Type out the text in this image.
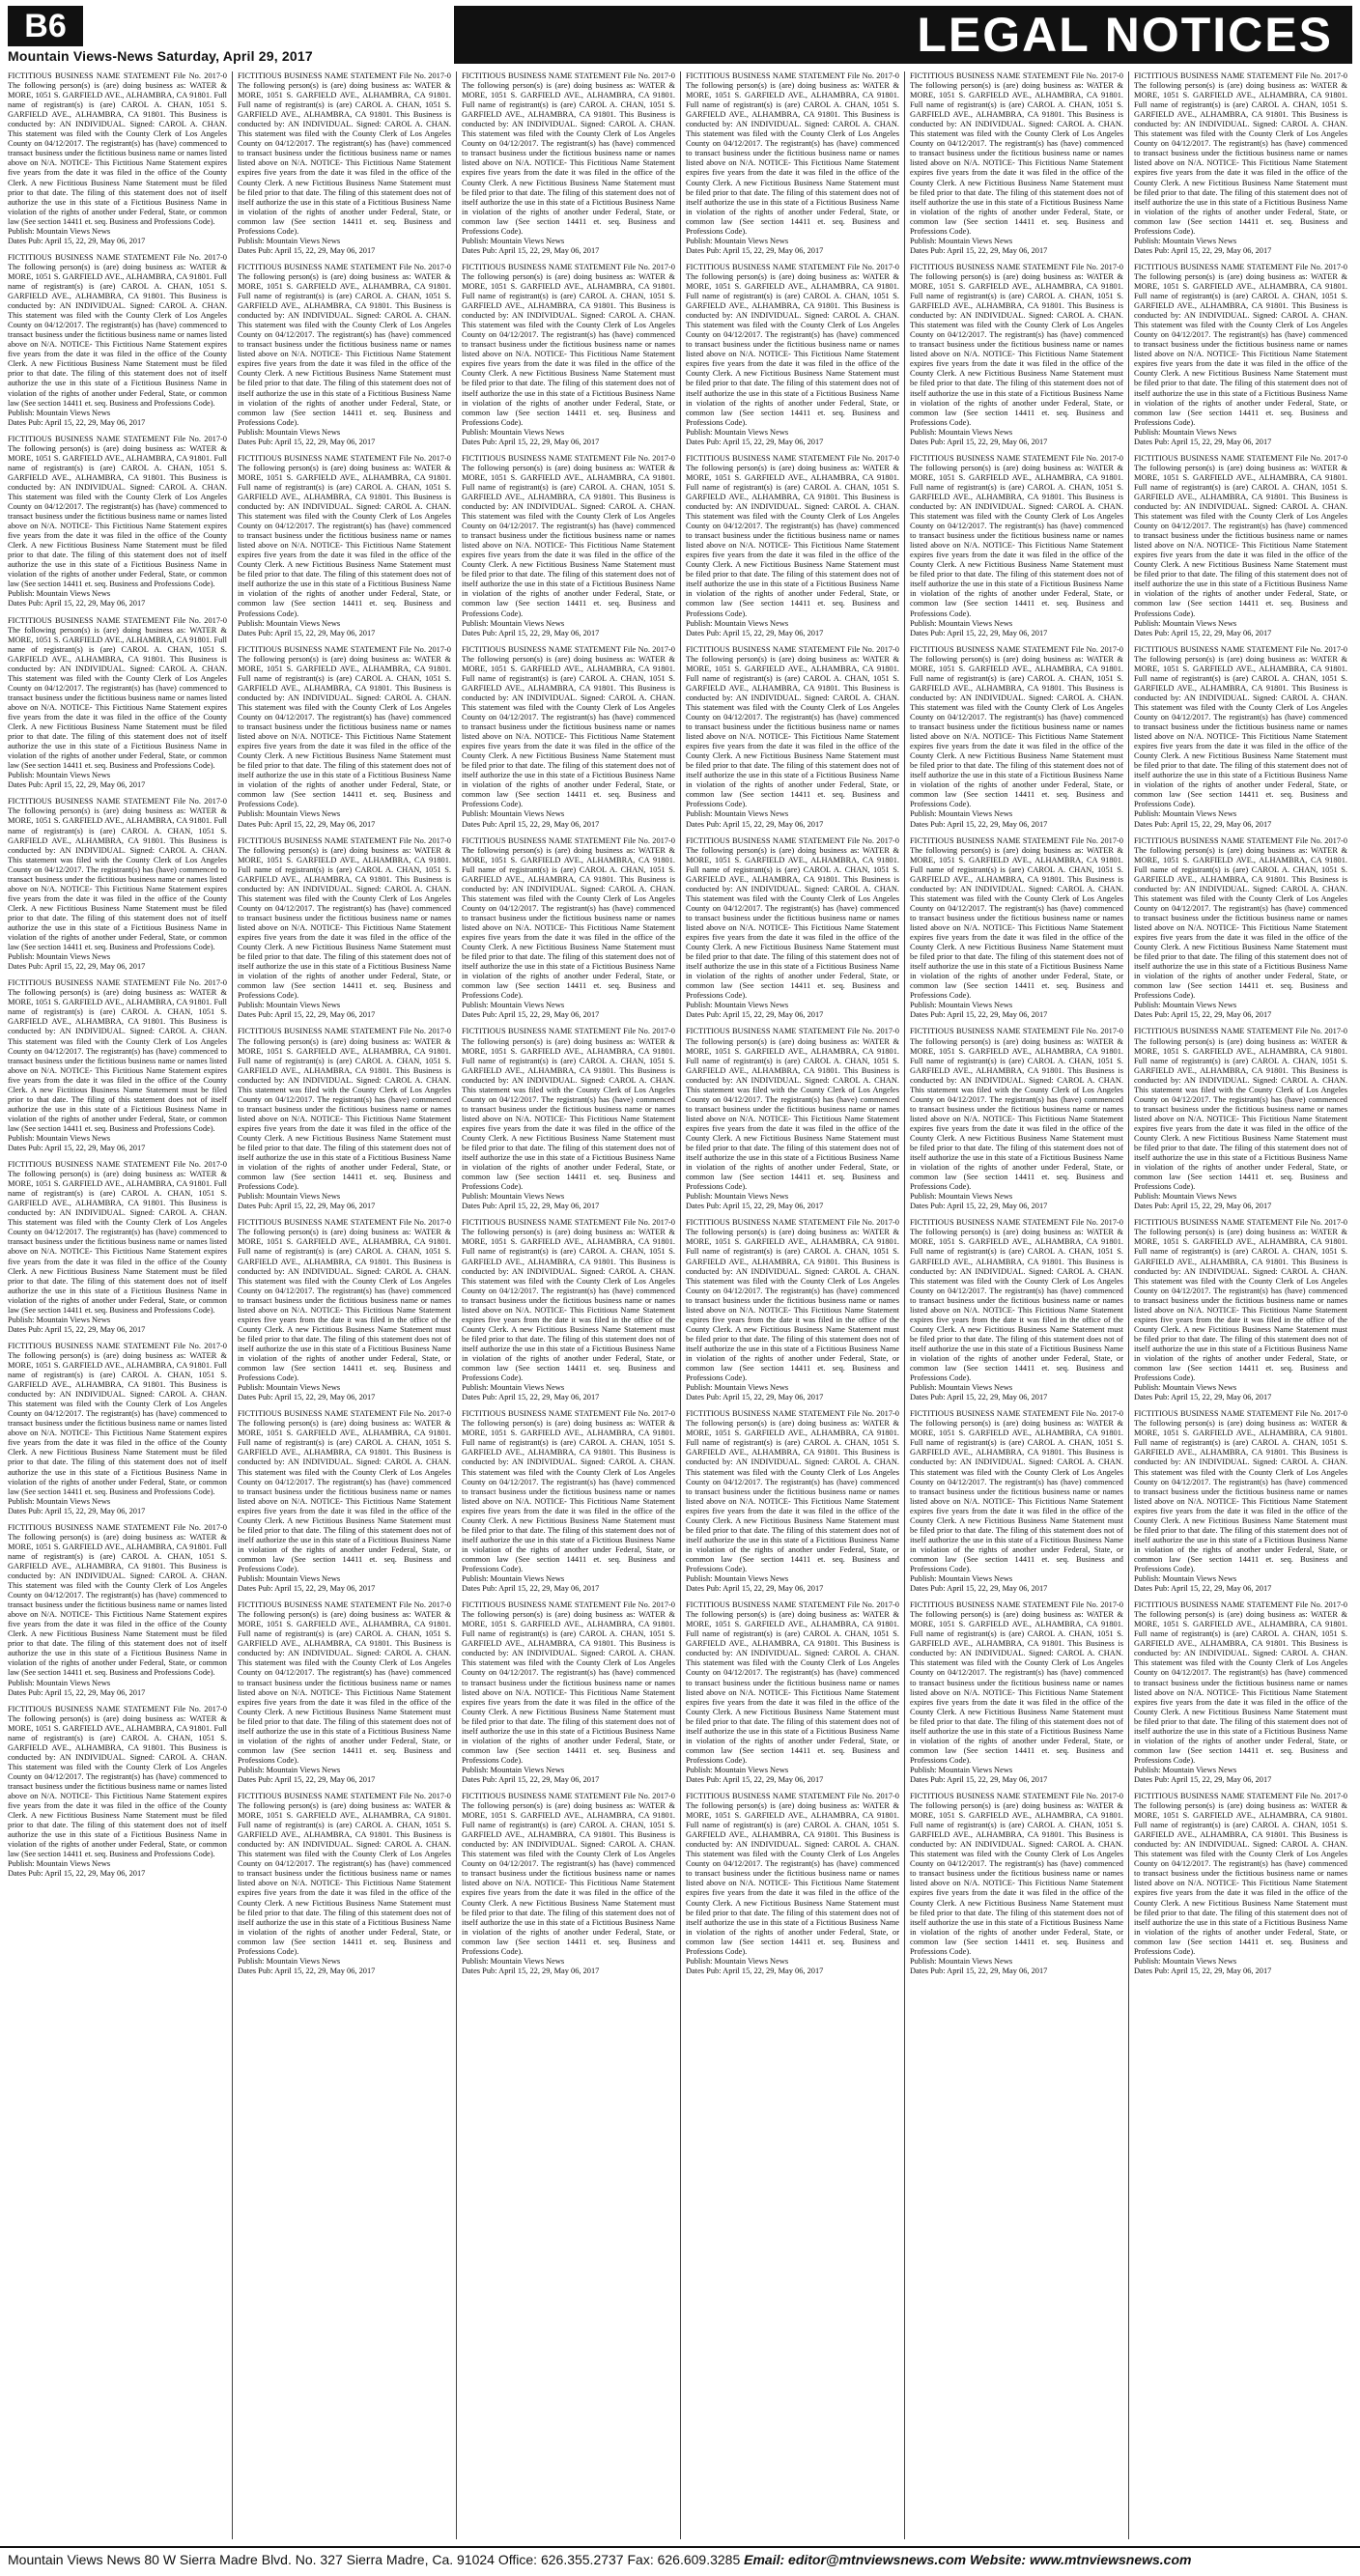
B6
Mountain Views-News Saturday, April 29, 2017	LEGAL NOTICES
FICTITIOUS BUSINESS NAME STATEMENT File No. 2017-0 The following person(s) is (are) doing business as: WATER & MORE, 1051 S. GARFIELD AVE., ALHAMBRA, CA 91801. Full name of registrant(s) is (are) CAROL A. CHAN, 1051 S. GARFIELD AVE., ALHAMBRA, CA 91801. This Business is conducted by: AN INDIVIDUAL. Signed: CAROL A. CHAN. This statement was filed with the County Clerk of Los Angeles County on 04/12/2017. The registrant(s) has (have) commenced to transact business under the fictitious business name or names listed above on N/A. NOTICE- This Fictitious Name Statement expires five years from the date it was filed in the office of the County Clerk. A new Fictitious Business Name Statement must be filed prior to that date. The filing of this statement does not of itself authorize the use in this state of a Fictitious Business Name in violation of the rights of another under Federal, State, or common law (See section 14411 et. seq. Business and Professions Code).
Publish: Mountain Views News
Dates Pub: April 15, 22, 29, May 06, 2017
FICTITIOUS BUSINESS NAME STATEMENT File No. 2017-0 The following person(s) is (are) doing business as: WATER & MORE, 1051 S. GARFIELD AVE., ALHAMBRA, CA 91801. Full name of registrant(s) is (are) CAROL A. CHAN, 1051 S. GARFIELD AVE., ALHAMBRA, CA 91801. This Business is conducted by: AN INDIVIDUAL. Signed: CAROL A. CHAN. This statement was filed with the County Clerk of Los Angeles County on 04/12/2017. The registrant(s) has (have) commenced to transact business under the fictitious business name or names listed above on N/A. NOTICE- This Fictitious Name Statement expires five years from the date it was filed in the office of the County Clerk. A new Fictitious Business Name Statement must be filed prior to that date. The filing of this statement does not of itself authorize the use in this state of a Fictitious Business Name in violation of the rights of another under Federal, State, or common law (See section 14411 et. seq. Business and Professions Code).
Publish: Mountain Views News
Dates Pub: April 15, 22, 29, May 06, 2017
FICTITIOUS BUSINESS NAME STATEMENT File No. 2017-0 The following person(s) is (are) doing business as: WATER & MORE, 1051 S. GARFIELD AVE., ALHAMBRA, CA 91801. Full name of registrant(s) is (are) CAROL A. CHAN, 1051 S. GARFIELD AVE., ALHAMBRA, CA 91801. This Business is conducted by: AN INDIVIDUAL. Signed: CAROL A. CHAN. This statement was filed with the County Clerk of Los Angeles County on 04/12/2017. The registrant(s) has (have) commenced to transact business under the fictitious business name or names listed above on N/A. NOTICE- This Fictitious Name Statement expires five years from the date it was filed in the office of the County Clerk. A new Fictitious Business Name Statement must be filed prior to that date. The filing of this statement does not of itself authorize the use in this state of a Fictitious Business Name in violation of the rights of another under Federal, State, or common law (See section 14411 et. seq. Business and Professions Code).
Publish: Mountain Views News
Dates Pub: April 15, 22, 29, May 06, 2017
FICTITIOUS BUSINESS NAME STATEMENT File No. 2017-0 The following person(s) is (are) doing business as: WATER & MORE, 1051 S. GARFIELD AVE., ALHAMBRA, CA 91801. Full name of registrant(s) is (are) CAROL A. CHAN, 1051 S. GARFIELD AVE., ALHAMBRA, CA 91801. This Business is conducted by: AN INDIVIDUAL. Signed: CAROL A. CHAN. This statement was filed with the County Clerk of Los Angeles County on 04/12/2017. The registrant(s) has (have) commenced to transact business under the fictitious business name or names listed above on N/A. NOTICE- This Fictitious Name Statement expires five years from the date it was filed in the office of the County Clerk. A new Fictitious Business Name Statement must be filed prior to that date. The filing of this statement does not of itself authorize the use in this state of a Fictitious Business Name in violation of the rights of another under Federal, State, or common law (See section 14411 et. seq. Business and Professions Code).
Publish: Mountain Views News
Dates Pub: April 15, 22, 29, May 06, 2017
FICTITIOUS BUSINESS NAME STATEMENT File No. 2017-0 The following person(s) is (are) doing business as: WATER & MORE, 1051 S. GARFIELD AVE., ALHAMBRA, CA 91801. Full name of registrant(s) is (are) CAROL A. CHAN, 1051 S. GARFIELD AVE., ALHAMBRA, CA 91801. This Business is conducted by: AN INDIVIDUAL. Signed: CAROL A. CHAN. This statement was filed with the County Clerk of Los Angeles County on 04/12/2017. The registrant(s) has (have) commenced to transact business under the fictitious business name or names listed above on N/A. NOTICE- This Fictitious Name Statement expires five years from the date it was filed in the office of the County Clerk. A new Fictitious Business Name Statement must be filed prior to that date. The filing of this statement does not of itself authorize the use in this state of a Fictitious Business Name in violation of the rights of another under Federal, State, or common law (See section 14411 et. seq. Business and Professions Code).
Publish: Mountain Views News
Dates Pub: April 15, 22, 29, May 06, 2017
FICTITIOUS BUSINESS NAME STATEMENT File No. 2017-0 The following person(s) is (are) doing business as: WATER & MORE, 1051 S. GARFIELD AVE., ALHAMBRA, CA 91801. Full name of registrant(s) is (are) CAROL A. CHAN, 1051 S. GARFIELD AVE., ALHAMBRA, CA 91801. This Business is conducted by: AN INDIVIDUAL. Signed: CAROL A. CHAN. This statement was filed with the County Clerk of Los Angeles County on 04/12/2017. The registrant(s) has (have) commenced to transact business under the fictitious business name or names listed above on N/A. NOTICE- This Fictitious Name Statement expires five years from the date it was filed in the office of the County Clerk. A new Fictitious Business Name Statement must be filed prior to that date. The filing of this statement does not of itself authorize the use in this state of a Fictitious Business Name in violation of the rights of another under Federal, State, or common law (See section 14411 et. seq. Business and Professions Code).
Publish: Mountain Views News
Dates Pub: April 15, 22, 29, May 06, 2017
FICTITIOUS BUSINESS NAME STATEMENT File No. 2017-0 The following person(s) is (are) doing business as: WATER & MORE, 1051 S. GARFIELD AVE., ALHAMBRA, CA 91801. Full name of registrant(s) is (are) CAROL A. CHAN, 1051 S. GARFIELD AVE., ALHAMBRA, CA 91801. This Business is conducted by: AN INDIVIDUAL. Signed: CAROL A. CHAN. This statement was filed with the County Clerk of Los Angeles County on 04/12/2017. The registrant(s) has (have) commenced to transact business under the fictitious business name or names listed above on N/A. NOTICE- This Fictitious Name Statement expires five years from the date it was filed in the office of the County Clerk. A new Fictitious Business Name Statement must be filed prior to that date. The filing of this statement does not of itself authorize the use in this state of a Fictitious Business Name in violation of the rights of another under Federal, State, or common law (See section 14411 et. seq. Business and Professions Code).
Publish: Mountain Views News
Dates Pub: April 15, 22, 29, May 06, 2017
FICTITIOUS BUSINESS NAME STATEMENT File No. 2017-0 The following person(s) is (are) doing business as: WATER & MORE, 1051 S. GARFIELD AVE., ALHAMBRA, CA 91801. Full name of registrant(s) is (are) CAROL A. CHAN, 1051 S. GARFIELD AVE., ALHAMBRA, CA 91801. This Business is conducted by: AN INDIVIDUAL. Signed: CAROL A. CHAN. This statement was filed with the County Clerk of Los Angeles County on 04/12/2017. The registrant(s) has (have) commenced to transact business under the fictitious business name or names listed above on N/A. NOTICE- This Fictitious Name Statement expires five years from the date it was filed in the office of the County Clerk. A new Fictitious Business Name Statement must be filed prior to that date. The filing of this statement does not of itself authorize the use in this state of a Fictitious Business Name in violation of the rights of another under Federal, State, or common law (See section 14411 et. seq. Business and Professions Code).
Publish: Mountain Views News
Dates Pub: April 15, 22, 29, May 06, 2017
FICTITIOUS BUSINESS NAME STATEMENT File No. 2017-0 The following person(s) is (are) doing business as: WATER & MORE, 1051 S. GARFIELD AVE., ALHAMBRA, CA 91801. Full name of registrant(s) is (are) CAROL A. CHAN, 1051 S. GARFIELD AVE., ALHAMBRA, CA 91801. This Business is conducted by: AN INDIVIDUAL. Signed: CAROL A. CHAN. This statement was filed with the County Clerk of Los Angeles County on 04/12/2017. The registrant(s) has (have) commenced to transact business under the fictitious business name or names listed above on N/A. NOTICE- This Fictitious Name Statement expires five years from the date it was filed in the office of the County Clerk. A new Fictitious Business Name Statement must be filed prior to that date. The filing of this statement does not of itself authorize the use in this state of a Fictitious Business Name in violation of the rights of another under Federal, State, or common law (See section 14411 et. seq. Business and Professions Code).
Publish: Mountain Views News
Dates Pub: April 15, 22, 29, May 06, 2017
FICTITIOUS BUSINESS NAME STATEMENT File No. 2017-0 The following person(s) is (are) doing business as: WATER & MORE, 1051 S. GARFIELD AVE., ALHAMBRA, CA 91801. Full name of registrant(s) is (are) CAROL A. CHAN, 1051 S. GARFIELD AVE., ALHAMBRA, CA 91801. This Business is conducted by: AN INDIVIDUAL. Signed: CAROL A. CHAN. This statement was filed with the County Clerk of Los Angeles County on 04/12/2017. The registrant(s) has (have) commenced to transact business under the fictitious business name or names listed above on N/A. NOTICE- This Fictitious Name Statement expires five years from the date it was filed in the office of the County Clerk. A new Fictitious Business Name Statement must be filed prior to that date. The filing of this statement does not of itself authorize the use in this state of a Fictitious Business Name in violation of the rights of another under Federal, State, or common law (See section 14411 et. seq. Business and Professions Code).
Publish: Mountain Views News
Dates Pub: April 15, 22, 29, May 06, 2017
FICTITIOUS BUSINESS NAME STATEMENT File No. 2017-0 The following person(s) is (are) doing business as: WATER & MORE, 1051 S. GARFIELD AVE., ALHAMBRA, CA 91801. Full name of registrant(s) is (are) CAROL A. CHAN, 1051 S. GARFIELD AVE., ALHAMBRA, CA 91801. This Business is conducted by: AN INDIVIDUAL. Signed: CAROL A. CHAN. This statement was filed with the County Clerk of Los Angeles County on 04/12/2017. The registrant(s) has (have) commenced to transact business under the fictitious business name or names listed above on N/A. NOTICE- This Fictitious Name Statement expires five years from the date it was filed in the office of the County Clerk. A new Fictitious Business Name Statement must be filed prior to that date. The filing of this statement does not of itself authorize the use in this state of a Fictitious Business Name in violation of the rights of another under Federal, State, or common law (See section 14411 et. seq. Business and Professions Code).
Publish: Mountain Views News
Dates Pub: April 15, 22, 29, May 06, 2017
FICTITIOUS BUSINESS NAME STATEMENT File No. 2017-0 The following person(s) is (are) doing business as: WATER & MORE, 1051 S. GARFIELD AVE., ALHAMBRA, CA 91801. Full name of registrant(s) is (are) CAROL A. CHAN, 1051 S. GARFIELD AVE., ALHAMBRA, CA 91801. This Business is conducted by: AN INDIVIDUAL. Signed: CAROL A. CHAN. This statement was filed with the County Clerk of Los Angeles County on 04/12/2017. The registrant(s) has (have) commenced to transact business under the fictitious business name or names listed above on N/A. NOTICE- This Fictitious Name Statement expires five years from the date it was filed in the office of the County Clerk. A new Fictitious Business Name Statement must be filed prior to that date. The filing of this statement does not of itself authorize the use in this state of a Fictitious Business Name in violation of the rights of another under Federal, State, or common law (See section 14411 et. seq. Business and Professions Code).
Publish: Mountain Views News
Dates Pub: April 15, 22, 29, May 06, 2017
FICTITIOUS BUSINESS NAME STATEMENT File No. 2017-0 The following person(s) is (are) doing business as: WATER & MORE, 1051 S. GARFIELD AVE., ALHAMBRA, CA 91801. Full name of registrant(s) is (are) CAROL A. CHAN, 1051 S. GARFIELD AVE., ALHAMBRA, CA 91801. This Business is conducted by: AN INDIVIDUAL. Signed: CAROL A. CHAN. This statement was filed with the County Clerk of Los Angeles County on 04/12/2017. The registrant(s) has (have) commenced to transact business under the fictitious business name or names listed above on N/A. NOTICE- This Fictitious Name Statement expires five years from the date it was filed in the office of the County Clerk. A new Fictitious Business Name Statement must be filed prior to that date. The filing of this statement does not of itself authorize the use in this state of a Fictitious Business Name in violation of the rights of another under Federal, State, or common law (See section 14411 et. seq. Business and Professions Code).
Publish: Mountain Views News
Dates Pub: April 15, 22, 29, May 06, 2017
FICTITIOUS BUSINESS NAME STATEMENT File No. 2017-0 The following person(s) is (are) doing business as: WATER & MORE, 1051 S. GARFIELD AVE., ALHAMBRA, CA 91801. Full name of registrant(s) is (are) CAROL A. CHAN, 1051 S. GARFIELD AVE., ALHAMBRA, CA 91801. This Business is conducted by: AN INDIVIDUAL. Signed: CAROL A. CHAN. This statement was filed with the County Clerk of Los Angeles County on 04/12/2017. The registrant(s) has (have) commenced to transact business under the fictitious business name or names listed above on N/A. NOTICE- This Fictitious Name Statement expires five years from the date it was filed in the office of the County Clerk. A new Fictitious Business Name Statement must be filed prior to that date. The filing of this statement does not of itself authorize the use in this state of a Fictitious Business Name in violation of the rights of another under Federal, State, or common law (See section 14411 et. seq. Business and Professions Code).
Publish: Mountain Views News
Dates Pub: April 15, 22, 29, May 06, 2017
FICTITIOUS BUSINESS NAME STATEMENT File No. 2017-0 The following person(s) is (are) doing business as: WATER & MORE, 1051 S. GARFIELD AVE., ALHAMBRA, CA 91801. Full name of registrant(s) is (are) CAROL A. CHAN, 1051 S. GARFIELD AVE., ALHAMBRA, CA 91801. This Business is conducted by: AN INDIVIDUAL. Signed: CAROL A. CHAN. This statement was filed with the County Clerk of Los Angeles County on 04/12/2017. The registrant(s) has (have) commenced to transact business under the fictitious business name or names listed above on N/A. NOTICE- This Fictitious Name Statement expires five years from the date it was filed in the office of the County Clerk. A new Fictitious Business Name Statement must be filed prior to that date. The filing of this statement does not of itself authorize the use in this state of a Fictitious Business Name in violation of the rights of another under Federal, State, or common law (See section 14411 et. seq. Business and Professions Code).
Publish: Mountain Views News
Dates Pub: April 15, 22, 29, May 06, 2017
FICTITIOUS BUSINESS NAME STATEMENT File No. 2017-0 The following person(s) is (are) doing business as: WATER & MORE, 1051 S. GARFIELD AVE., ALHAMBRA, CA 91801. Full name of registrant(s) is (are) CAROL A. CHAN, 1051 S. GARFIELD AVE., ALHAMBRA, CA 91801. This Business is conducted by: AN INDIVIDUAL. Signed: CAROL A. CHAN. This statement was filed with the County Clerk of Los Angeles County on 04/12/2017. The registrant(s) has (have) commenced to transact business under the fictitious business name or names listed above on N/A. NOTICE- This Fictitious Name Statement expires five years from the date it was filed in the office of the County Clerk. A new Fictitious Business Name Statement must be filed prior to that date. The filing of this statement does not of itself authorize the use in this state of a Fictitious Business Name in violation of the rights of another under Federal, State, or common law (See section 14411 et. seq. Business and Professions Code).
Publish: Mountain Views News
Dates Pub: April 15, 22, 29, May 06, 2017
FICTITIOUS BUSINESS NAME STATEMENT File No. 2017-0 The following person(s) is (are) doing business as: WATER & MORE, 1051 S. GARFIELD AVE., ALHAMBRA, CA 91801. Full name of registrant(s) is (are) CAROL A. CHAN, 1051 S. GARFIELD AVE., ALHAMBRA, CA 91801. This Business is conducted by: AN INDIVIDUAL. Signed: CAROL A. CHAN. This statement was filed with the County Clerk of Los Angeles County on 04/12/2017. The registrant(s) has (have) commenced to transact business under the fictitious business name or names listed above on N/A. NOTICE- This Fictitious Name Statement expires five years from the date it was filed in the office of the County Clerk. A new Fictitious Business Name Statement must be filed prior to that date. The filing of this statement does not of itself authorize the use in this state of a Fictitious Business Name in violation of the rights of another under Federal, State, or common law (See section 14411 et. seq. Business and Professions Code).
Publish: Mountain Views News
Dates Pub: April 15, 22, 29, May 06, 2017
FICTITIOUS BUSINESS NAME STATEMENT File No. 2017-0 The following person(s) is (are) doing business as: WATER & MORE, 1051 S. GARFIELD AVE., ALHAMBRA, CA 91801. Full name of registrant(s) is (are) CAROL A. CHAN, 1051 S. GARFIELD AVE., ALHAMBRA, CA 91801. This Business is conducted by: AN INDIVIDUAL. Signed: CAROL A. CHAN. This statement was filed with the County Clerk of Los Angeles County on 04/12/2017. The registrant(s) has (have) commenced to transact business under the fictitious business name or names listed above on N/A. NOTICE- This Fictitious Name Statement expires five years from the date it was filed in the office of the County Clerk. A new Fictitious Business Name Statement must be filed prior to that date. The filing of this statement does not of itself authorize the use in this state of a Fictitious Business Name in violation of the rights of another under Federal, State, or common law (See section 14411 et. seq. Business and Professions Code).
Publish: Mountain Views News
Dates Pub: April 15, 22, 29, May 06, 2017
FICTITIOUS BUSINESS NAME STATEMENT File No. 2017-0 The following person(s) is (are) doing business as: WATER & MORE, 1051 S. GARFIELD AVE., ALHAMBRA, CA 91801. Full name of registrant(s) is (are) CAROL A. CHAN, 1051 S. GARFIELD AVE., ALHAMBRA, CA 91801. This Business is conducted by: AN INDIVIDUAL. Signed: CAROL A. CHAN. This statement was filed with the County Clerk of Los Angeles County on 04/12/2017. The registrant(s) has (have) commenced to transact business under the fictitious business name or names listed above on N/A. NOTICE- This Fictitious Name Statement expires five years from the date it was filed in the office of the County Clerk. A new Fictitious Business Name Statement must be filed prior to that date. The filing of this statement does not of itself authorize the use in this state of a Fictitious Business Name in violation of the rights of another under Federal, State, or common law (See section 14411 et. seq. Business and Professions Code).
Publish: Mountain Views News
Dates Pub: April 15, 22, 29, May 06, 2017
FICTITIOUS BUSINESS NAME STATEMENT File No. 2017-0 The following person(s) is (are) doing business as: WATER & MORE, 1051 S. GARFIELD AVE., ALHAMBRA, CA 91801. Full name of registrant(s) is (are) CAROL A. CHAN, 1051 S. GARFIELD AVE., ALHAMBRA, CA 91801. This Business is conducted by: AN INDIVIDUAL. Signed: CAROL A. CHAN. This statement was filed with the County Clerk of Los Angeles County on 04/12/2017. The registrant(s) has (have) commenced to transact business under the fictitious business name or names listed above on N/A. NOTICE- This Fictitious Name Statement expires five years from the date it was filed in the office of the County Clerk. A new Fictitious Business Name Statement must be filed prior to that date. The filing of this statement does not of itself authorize the use in this state of a Fictitious Business Name in violation of the rights of another under Federal, State, or common law (See section 14411 et. seq. Business and Professions Code).
Publish: Mountain Views News
Dates Pub: April 15, 22, 29, May 06, 2017
FICTITIOUS BUSINESS NAME STATEMENT File No. 2017-0 The following person(s) is (are) doing business as: WATER & MORE, 1051 S. GARFIELD AVE., ALHAMBRA, CA 91801. Full name of registrant(s) is (are) CAROL A. CHAN, 1051 S. GARFIELD AVE., ALHAMBRA, CA 91801. This Business is conducted by: AN INDIVIDUAL. Signed: CAROL A. CHAN. This statement was filed with the County Clerk of Los Angeles County on 04/12/2017. The registrant(s) has (have) commenced to transact business under the fictitious business name or names listed above on N/A. NOTICE- This Fictitious Name Statement expires five years from the date it was filed in the office of the County Clerk. A new Fictitious Business Name Statement must be filed prior to that date. The filing of this statement does not of itself authorize the use in this state of a Fictitious Business Name in violation of the rights of another under Federal, State, or common law (See section 14411 et. seq. Business and Professions Code).
Publish: Mountain Views News
Dates Pub: April 15, 22, 29, May 06, 2017
FICTITIOUS BUSINESS NAME STATEMENT File No. 2017-0 The following person(s) is (are) doing business as: WATER & MORE, 1051 S. GARFIELD AVE., ALHAMBRA, CA 91801. Full name of registrant(s) is (are) CAROL A. CHAN, 1051 S. GARFIELD AVE., ALHAMBRA, CA 91801. This Business is conducted by: AN INDIVIDUAL. Signed: CAROL A. CHAN. This statement was filed with the County Clerk of Los Angeles County on 04/12/2017. The registrant(s) has (have) commenced to transact business under the fictitious business name or names listed above on N/A. NOTICE- This Fictitious Name Statement expires five years from the date it was filed in the office of the County Clerk. A new Fictitious Business Name Statement must be filed prior to that date. The filing of this statement does not of itself authorize the use in this state of a Fictitious Business Name in violation of the rights of another under Federal, State, or common law (See section 14411 et. seq. Business and Professions Code).
Publish: Mountain Views News
Dates Pub: April 15, 22, 29, May 06, 2017
FICTITIOUS BUSINESS NAME STATEMENT File No. 2017-0 The following person(s) is (are) doing business as: WATER & MORE, 1051 S. GARFIELD AVE., ALHAMBRA, CA 91801. Full name of registrant(s) is (are) CAROL A. CHAN, 1051 S. GARFIELD AVE., ALHAMBRA, CA 91801. This Business is conducted by: AN INDIVIDUAL. Signed: CAROL A. CHAN. This statement was filed with the County Clerk of Los Angeles County on 04/12/2017. The registrant(s) has (have) commenced to transact business under the fictitious business name or names listed above on N/A. NOTICE- This Fictitious Name Statement expires five years from the date it was filed in the office of the County Clerk. A new Fictitious Business Name Statement must be filed prior to that date. The filing of this statement does not of itself authorize the use in this state of a Fictitious Business Name in violation of the rights of another under Federal, State, or common law (See section 14411 et. seq. Business and Professions Code).
Publish: Mountain Views News
Dates Pub: April 15, 22, 29, May 06, 2017
FICTITIOUS BUSINESS NAME STATEMENT File No. 2017-0 The following person(s) is (are) doing business as: WATER & MORE, 1051 S. GARFIELD AVE., ALHAMBRA, CA 91801. Full name of registrant(s) is (are) CAROL A. CHAN, 1051 S. GARFIELD AVE., ALHAMBRA, CA 91801. This Business is conducted by: AN INDIVIDUAL. Signed: CAROL A. CHAN. This statement was filed with the County Clerk of Los Angeles County on 04/12/2017. The registrant(s) has (have) commenced to transact business under the fictitious business name or names listed above on N/A. NOTICE- This Fictitious Name Statement expires five years from the date it was filed in the office of the County Clerk. A new Fictitious Business Name Statement must be filed prior to that date. The filing of this statement does not of itself authorize the use in this state of a Fictitious Business Name in violation of the rights of another under Federal, State, or common law (See section 14411 et. seq. Business and Professions Code).
Publish: Mountain Views News
Dates Pub: April 15, 22, 29, May 06, 2017
FICTITIOUS BUSINESS NAME STATEMENT File No. 2017-0 The following person(s) is (are) doing business as: WATER & MORE, 1051 S. GARFIELD AVE., ALHAMBRA, CA 91801. Full name of registrant(s) is (are) CAROL A. CHAN, 1051 S. GARFIELD AVE., ALHAMBRA, CA 91801. This Business is conducted by: AN INDIVIDUAL. Signed: CAROL A. CHAN. This statement was filed with the County Clerk of Los Angeles County on 04/12/2017. The registrant(s) has (have) commenced to transact business under the fictitious business name or names listed above on N/A. NOTICE- This Fictitious Name Statement expires five years from the date it was filed in the office of the County Clerk. A new Fictitious Business Name Statement must be filed prior to that date. The filing of this statement does not of itself authorize the use in this state of a Fictitious Business Name in violation of the rights of another under Federal, State, or common law (See section 14411 et. seq. Business and Professions Code).
Publish: Mountain Views News
Dates Pub: April 15, 22, 29, May 06, 2017
FICTITIOUS BUSINESS NAME STATEMENT File No. 2017-0 The following person(s) is (are) doing business as: WATER & MORE, 1051 S. GARFIELD AVE., ALHAMBRA, CA 91801. Full name of registrant(s) is (are) CAROL A. CHAN, 1051 S. GARFIELD AVE., ALHAMBRA, CA 91801. This Business is conducted by: AN INDIVIDUAL. Signed: CAROL A. CHAN. This statement was filed with the County Clerk of Los Angeles County on 04/12/2017. The registrant(s) has (have) commenced to transact business under the fictitious business name or names listed above on N/A. NOTICE- This Fictitious Name Statement expires five years from the date it was filed in the office of the County Clerk. A new Fictitious Business Name Statement must be filed prior to that date. The filing of this statement does not of itself authorize the use in this state of a Fictitious Business Name in violation of the rights of another under Federal, State, or common law (See section 14411 et. seq. Business and Professions Code).
Publish: Mountain Views News
Dates Pub: April 15, 22, 29, May 06, 2017
FICTITIOUS BUSINESS NAME STATEMENT File No. 2017-0 The following person(s) is (are) doing business as: WATER & MORE, 1051 S. GARFIELD AVE., ALHAMBRA, CA 91801. Full name of registrant(s) is (are) CAROL A. CHAN, 1051 S. GARFIELD AVE., ALHAMBRA, CA 91801. This Business is conducted by: AN INDIVIDUAL. Signed: CAROL A. CHAN. This statement was filed with the County Clerk of Los Angeles County on 04/12/2017. The registrant(s) has (have) commenced to transact business under the fictitious business name or names listed above on N/A. NOTICE- This Fictitious Name Statement expires five years from the date it was filed in the office of the County Clerk. A new Fictitious Business Name Statement must be filed prior to that date. The filing of this statement does not of itself authorize the use in this state of a Fictitious Business Name in violation of the rights of another under Federal, State, or common law (See section 14411 et. seq. Business and Professions Code).
Publish: Mountain Views News
Dates Pub: April 15, 22, 29, May 06, 2017
FICTITIOUS BUSINESS NAME STATEMENT File No. 2017-0 The following person(s) is (are) doing business as: WATER & MORE, 1051 S. GARFIELD AVE., ALHAMBRA, CA 91801. Full name of registrant(s) is (are) CAROL A. CHAN, 1051 S. GARFIELD AVE., ALHAMBRA, CA 91801. This Business is conducted by: AN INDIVIDUAL. Signed: CAROL A. CHAN. This statement was filed with the County Clerk of Los Angeles County on 04/12/2017. The registrant(s) has (have) commenced to transact business under the fictitious business name or names listed above on N/A. NOTICE- This Fictitious Name Statement expires five years from the date it was filed in the office of the County Clerk. A new Fictitious Business Name Statement must be filed prior to that date. The filing of this statement does not of itself authorize the use in this state of a Fictitious Business Name in violation of the rights of another under Federal, State, or common law (See section 14411 et. seq. Business and Professions Code).
Publish: Mountain Views News
Dates Pub: April 15, 22, 29, May 06, 2017
FICTITIOUS BUSINESS NAME STATEMENT File No. 2017-0 The following person(s) is (are) doing business as: WATER & MORE, 1051 S. GARFIELD AVE., ALHAMBRA, CA 91801. Full name of registrant(s) is (are) CAROL A. CHAN, 1051 S. GARFIELD AVE., ALHAMBRA, CA 91801. This Business is conducted by: AN INDIVIDUAL. Signed: CAROL A. CHAN. This statement was filed with the County Clerk of Los Angeles County on 04/12/2017. The registrant(s) has (have) commenced to transact business under the fictitious business name or names listed above on N/A. NOTICE- This Fictitious Name Statement expires five years from the date it was filed in the office of the County Clerk. A new Fictitious Business Name Statement must be filed prior to that date. The filing of this statement does not of itself authorize the use in this state of a Fictitious Business Name in violation of the rights of another under Federal, State, or common law (See section 14411 et. seq. Business and Professions Code).
Publish: Mountain Views News
Dates Pub: April 15, 22, 29, May 06, 2017
FICTITIOUS BUSINESS NAME STATEMENT File No. 2017-0 The following person(s) is (are) doing business as: WATER & MORE, 1051 S. GARFIELD AVE., ALHAMBRA, CA 91801. Full name of registrant(s) is (are) CAROL A. CHAN, 1051 S. GARFIELD AVE., ALHAMBRA, CA 91801. This Business is conducted by: AN INDIVIDUAL. Signed: CAROL A. CHAN. This statement was filed with the County Clerk of Los Angeles County on 04/12/2017. The registrant(s) has (have) commenced to transact business under the fictitious business name or names listed above on N/A. NOTICE- This Fictitious Name Statement expires five years from the date it was filed in the office of the County Clerk. A new Fictitious Business Name Statement must be filed prior to that date. The filing of this statement does not of itself authorize the use in this state of a Fictitious Business Name in violation of the rights of another under Federal, State, or common law (See section 14411 et. seq. Business and Professions Code).
Publish: Mountain Views News
Dates Pub: April 15, 22, 29, May 06, 2017
FICTITIOUS BUSINESS NAME STATEMENT File No. 2017-0 The following person(s) is (are) doing business as: WATER & MORE, 1051 S. GARFIELD AVE., ALHAMBRA, CA 91801. Full name of registrant(s) is (are) CAROL A. CHAN, 1051 S. GARFIELD AVE., ALHAMBRA, CA 91801. This Business is conducted by: AN INDIVIDUAL. Signed: CAROL A. CHAN. This statement was filed with the County Clerk of Los Angeles County on 04/12/2017. The registrant(s) has (have) commenced to transact business under the fictitious business name or names listed above on N/A. NOTICE- This Fictitious Name Statement expires five years from the date it was filed in the office of the County Clerk. A new Fictitious Business Name Statement must be filed prior to that date. The filing of this statement does not of itself authorize the use in this state of a Fictitious Business Name in violation of the rights of another under Federal, State, or common law (See section 14411 et. seq. Business and Professions Code).
Publish: Mountain Views News
Dates Pub: April 15, 22, 29, May 06, 2017
FICTITIOUS BUSINESS NAME STATEMENT File No. 2017-0 The following person(s) is (are) doing business as: WATER & MORE, 1051 S. GARFIELD AVE., ALHAMBRA, CA 91801. Full name of registrant(s) is (are) CAROL A. CHAN, 1051 S. GARFIELD AVE., ALHAMBRA, CA 91801. This Business is conducted by: AN INDIVIDUAL. Signed: CAROL A. CHAN. This statement was filed with the County Clerk of Los Angeles County on 04/12/2017. The registrant(s) has (have) commenced to transact business under the fictitious business name or names listed above on N/A. NOTICE- This Fictitious Name Statement expires five years from the date it was filed in the office of the County Clerk. A new Fictitious Business Name Statement must be filed prior to that date. The filing of this statement does not of itself authorize the use in this state of a Fictitious Business Name in violation of the rights of another under Federal, State, or common law (See section 14411 et. seq. Business and Professions Code).
Publish: Mountain Views News
Dates Pub: April 15, 22, 29, May 06, 2017
FICTITIOUS BUSINESS NAME STATEMENT File No. 2017-0 The following person(s) is (are) doing business as: WATER & MORE, 1051 S. GARFIELD AVE., ALHAMBRA, CA 91801. Full name of registrant(s) is (are) CAROL A. CHAN, 1051 S. GARFIELD AVE., ALHAMBRA, CA 91801. This Business is conducted by: AN INDIVIDUAL. Signed: CAROL A. CHAN. This statement was filed with the County Clerk of Los Angeles County on 04/12/2017. The registrant(s) has (have) commenced to transact business under the fictitious business name or names listed above on N/A. NOTICE- This Fictitious Name Statement expires five years from the date it was filed in the office of the County Clerk. A new Fictitious Business Name Statement must be filed prior to that date. The filing of this statement does not of itself authorize the use in this state of a Fictitious Business Name in violation of the rights of another under Federal, State, or common law (See section 14411 et. seq. Business and Professions Code).
Publish: Mountain Views News
Dates Pub: April 15, 22, 29, May 06, 2017
FICTITIOUS BUSINESS NAME STATEMENT File No. 2017-0 The following person(s) is (are) doing business as: WATER & MORE, 1051 S. GARFIELD AVE., ALHAMBRA, CA 91801. Full name of registrant(s) is (are) CAROL A. CHAN, 1051 S. GARFIELD AVE., ALHAMBRA, CA 91801. This Business is conducted by: AN INDIVIDUAL. Signed: CAROL A. CHAN. This statement was filed with the County Clerk of Los Angeles County on 04/12/2017. The registrant(s) has (have) commenced to transact business under the fictitious business name or names listed above on N/A. NOTICE- This Fictitious Name Statement expires five years from the date it was filed in the office of the County Clerk. A new Fictitious Business Name Statement must be filed prior to that date. The filing of this statement does not of itself authorize the use in this state of a Fictitious Business Name in violation of the rights of another under Federal, State, or common law (See section 14411 et. seq. Business and Professions Code).
Publish: Mountain Views News
Dates Pub: April 15, 22, 29, May 06, 2017
FICTITIOUS BUSINESS NAME STATEMENT File No. 2017-0 The following person(s) is (are) doing business as: WATER & MORE, 1051 S. GARFIELD AVE., ALHAMBRA, CA 91801. Full name of registrant(s) is (are) CAROL A. CHAN, 1051 S. GARFIELD AVE., ALHAMBRA, CA 91801. This Business is conducted by: AN INDIVIDUAL. Signed: CAROL A. CHAN. This statement was filed with the County Clerk of Los Angeles County on 04/12/2017. The registrant(s) has (have) commenced to transact business under the fictitious business name or names listed above on N/A. NOTICE- This Fictitious Name Statement expires five years from the date it was filed in the office of the County Clerk. A new Fictitious Business Name Statement must be filed prior to that date. The filing of this statement does not of itself authorize the use in this state of a Fictitious Business Name in violation of the rights of another under Federal, State, or common law (See section 14411 et. seq. Business and Professions Code).
Publish: Mountain Views News
Dates Pub: April 15, 22, 29, May 06, 2017
FICTITIOUS BUSINESS NAME STATEMENT File No. 2017-0 The following person(s) is (are) doing business as: WATER & MORE, 1051 S. GARFIELD AVE., ALHAMBRA, CA 91801. Full name of registrant(s) is (are) CAROL A. CHAN, 1051 S. GARFIELD AVE., ALHAMBRA, CA 91801. This Business is conducted by: AN INDIVIDUAL. Signed: CAROL A. CHAN. This statement was filed with the County Clerk of Los Angeles County on 04/12/2017. The registrant(s) has (have) commenced to transact business under the fictitious business name or names listed above on N/A. NOTICE- This Fictitious Name Statement expires five years from the date it was filed in the office of the County Clerk. A new Fictitious Business Name Statement must be filed prior to that date. The filing of this statement does not of itself authorize the use in this state of a Fictitious Business Name in violation of the rights of another under Federal, State, or common law (See section 14411 et. seq. Business and Professions Code).
Publish: Mountain Views News
Dates Pub: April 15, 22, 29, May 06, 2017
FICTITIOUS BUSINESS NAME STATEMENT File No. 2017-0 The following person(s) is (are) doing business as: WATER & MORE, 1051 S. GARFIELD AVE., ALHAMBRA, CA 91801. Full name of registrant(s) is (are) CAROL A. CHAN, 1051 S. GARFIELD AVE., ALHAMBRA, CA 91801. This Business is conducted by: AN INDIVIDUAL. Signed: CAROL A. CHAN. This statement was filed with the County Clerk of Los Angeles County on 04/12/2017. The registrant(s) has (have) commenced to transact business under the fictitious business name or names listed above on N/A. NOTICE- This Fictitious Name Statement expires five years from the date it was filed in the office of the County Clerk. A new Fictitious Business Name Statement must be filed prior to that date. The filing of this statement does not of itself authorize the use in this state of a Fictitious Business Name in violation of the rights of another under Federal, State, or common law (See section 14411 et. seq. Business and Professions Code).
Publish: Mountain Views News
Dates Pub: April 15, 22, 29, May 06, 2017
FICTITIOUS BUSINESS NAME STATEMENT File No. 2017-0 The following person(s) is (are) doing business as: WATER & MORE, 1051 S. GARFIELD AVE., ALHAMBRA, CA 91801. Full name of registrant(s) is (are) CAROL A. CHAN, 1051 S. GARFIELD AVE., ALHAMBRA, CA 91801. This Business is conducted by: AN INDIVIDUAL. Signed: CAROL A. CHAN. This statement was filed with the County Clerk of Los Angeles County on 04/12/2017. The registrant(s) has (have) commenced to transact business under the fictitious business name or names listed above on N/A. NOTICE- This Fictitious Name Statement expires five years from the date it was filed in the office of the County Clerk. A new Fictitious Business Name Statement must be filed prior to that date. The filing of this statement does not of itself authorize the use in this state of a Fictitious Business Name in violation of the rights of another under Federal, State, or common law (See section 14411 et. seq. Business and Professions Code).
Publish: Mountain Views News
Dates Pub: April 15, 22, 29, May 06, 2017
FICTITIOUS BUSINESS NAME STATEMENT File No. 2017-0 The following person(s) is (are) doing business as: WATER & MORE, 1051 S. GARFIELD AVE., ALHAMBRA, CA 91801. Full name of registrant(s) is (are) CAROL A. CHAN, 1051 S. GARFIELD AVE., ALHAMBRA, CA 91801. This Business is conducted by: AN INDIVIDUAL. Signed: CAROL A. CHAN. This statement was filed with the County Clerk of Los Angeles County on 04/12/2017. The registrant(s) has (have) commenced to transact business under the fictitious business name or names listed above on N/A. NOTICE- This Fictitious Name Statement expires five years from the date it was filed in the office of the County Clerk. A new Fictitious Business Name Statement must be filed prior to that date. The filing of this statement does not of itself authorize the use in this state of a Fictitious Business Name in violation of the rights of another under Federal, State, or common law (See section 14411 et. seq. Business and Professions Code).
Publish: Mountain Views News
Dates Pub: April 15, 22, 29, May 06, 2017
FICTITIOUS BUSINESS NAME STATEMENT File No. 2017-0 The following person(s) is (are) doing business as: WATER & MORE, 1051 S. GARFIELD AVE., ALHAMBRA, CA 91801. Full name of registrant(s) is (are) CAROL A. CHAN, 1051 S. GARFIELD AVE., ALHAMBRA, CA 91801. This Business is conducted by: AN INDIVIDUAL. Signed: CAROL A. CHAN. This statement was filed with the County Clerk of Los Angeles County on 04/12/2017. The registrant(s) has (have) commenced to transact business under the fictitious business name or names listed above on N/A. NOTICE- This Fictitious Name Statement expires five years from the date it was filed in the office of the County Clerk. A new Fictitious Business Name Statement must be filed prior to that date. The filing of this statement does not of itself authorize the use in this state of a Fictitious Business Name in violation of the rights of another under Federal, State, or common law (See section 14411 et. seq. Business and Professions Code).
Publish: Mountain Views News
Dates Pub: April 15, 22, 29, May 06, 2017
FICTITIOUS BUSINESS NAME STATEMENT File No. 2017-0 The following person(s) is (are) doing business as: WATER & MORE, 1051 S. GARFIELD AVE., ALHAMBRA, CA 91801. Full name of registrant(s) is (are) CAROL A. CHAN, 1051 S. GARFIELD AVE., ALHAMBRA, CA 91801. This Business is conducted by: AN INDIVIDUAL. Signed: CAROL A. CHAN. This statement was filed with the County Clerk of Los Angeles County on 04/12/2017. The registrant(s) has (have) commenced to transact business under the fictitious business name or names listed above on N/A. NOTICE- This Fictitious Name Statement expires five years from the date it was filed in the office of the County Clerk. A new Fictitious Business Name Statement must be filed prior to that date. The filing of this statement does not of itself authorize the use in this state of a Fictitious Business Name in violation of the rights of another under Federal, State, or common law (See section 14411 et. seq. Business and Professions Code).
Publish: Mountain Views News
Dates Pub: April 15, 22, 29, May 06, 2017
FICTITIOUS BUSINESS NAME STATEMENT File No. 2017-0 The following person(s) is (are) doing business as: WATER & MORE, 1051 S. GARFIELD AVE., ALHAMBRA, CA 91801. Full name of registrant(s) is (are) CAROL A. CHAN, 1051 S. GARFIELD AVE., ALHAMBRA, CA 91801. This Business is conducted by: AN INDIVIDUAL. Signed: CAROL A. CHAN. This statement was filed with the County Clerk of Los Angeles County on 04/12/2017. The registrant(s) has (have) commenced to transact business under the fictitious business name or names listed above on N/A. NOTICE- This Fictitious Name Statement expires five years from the date it was filed in the office of the County Clerk. A new Fictitious Business Name Statement must be filed prior to that date. The filing of this statement does not of itself authorize the use in this state of a Fictitious Business Name in violation of the rights of another under Federal, State, or common law (See section 14411 et. seq. Business and Professions Code).
Publish: Mountain Views News
Dates Pub: April 15, 22, 29, May 06, 2017
FICTITIOUS BUSINESS NAME STATEMENT File No. 2017-0 The following person(s) is (are) doing business as: WATER & MORE, 1051 S. GARFIELD AVE., ALHAMBRA, CA 91801. Full name of registrant(s) is (are) CAROL A. CHAN, 1051 S. GARFIELD AVE., ALHAMBRA, CA 91801. This Business is conducted by: AN INDIVIDUAL. Signed: CAROL A. CHAN. This statement was filed with the County Clerk of Los Angeles County on 04/12/2017. The registrant(s) has (have) commenced to transact business under the fictitious business name or names listed above on N/A. NOTICE- This Fictitious Name Statement expires five years from the date it was filed in the office of the County Clerk. A new Fictitious Business Name Statement must be filed prior to that date. The filing of this statement does not of itself authorize the use in this state of a Fictitious Business Name in violation of the rights of another under Federal, State, or common law (See section 14411 et. seq. Business and Professions Code).
Publish: Mountain Views News
Dates Pub: April 15, 22, 29, May 06, 2017
FICTITIOUS BUSINESS NAME STATEMENT File No. 2017-0 The following person(s) is (are) doing business as: WATER & MORE, 1051 S. GARFIELD AVE., ALHAMBRA, CA 91801. Full name of registrant(s) is (are) CAROL A. CHAN, 1051 S. GARFIELD AVE., ALHAMBRA, CA 91801. This Business is conducted by: AN INDIVIDUAL. Signed: CAROL A. CHAN. This statement was filed with the County Clerk of Los Angeles County on 04/12/2017. The registrant(s) has (have) commenced to transact business under the fictitious business name or names listed above on N/A. NOTICE- This Fictitious Name Statement expires five years from the date it was filed in the office of the County Clerk. A new Fictitious Business Name Statement must be filed prior to that date. The filing of this statement does not of itself authorize the use in this state of a Fictitious Business Name in violation of the rights of another under Federal, State, or common law (See section 14411 et. seq. Business and Professions Code).
Publish: Mountain Views News
Dates Pub: April 15, 22, 29, May 06, 2017
FICTITIOUS BUSINESS NAME STATEMENT File No. 2017-0 The following person(s) is (are) doing business as: WATER & MORE, 1051 S. GARFIELD AVE., ALHAMBRA, CA 91801. Full name of registrant(s) is (are) CAROL A. CHAN, 1051 S. GARFIELD AVE., ALHAMBRA, CA 91801. This Business is conducted by: AN INDIVIDUAL. Signed: CAROL A. CHAN. This statement was filed with the County Clerk of Los Angeles County on 04/12/2017. The registrant(s) has (have) commenced to transact business under the fictitious business name or names listed above on N/A. NOTICE- This Fictitious Name Statement expires five years from the date it was filed in the office of the County Clerk. A new Fictitious Business Name Statement must be filed prior to that date. The filing of this statement does not of itself authorize the use in this state of a Fictitious Business Name in violation of the rights of another under Federal, State, or common law (See section 14411 et. seq. Business and Professions Code).
Publish: Mountain Views News
Dates Pub: April 15, 22, 29, May 06, 2017
FICTITIOUS BUSINESS NAME STATEMENT File No. 2017-0 The following person(s) is (are) doing business as: WATER & MORE, 1051 S. GARFIELD AVE., ALHAMBRA, CA 91801. Full name of registrant(s) is (are) CAROL A. CHAN, 1051 S. GARFIELD AVE., ALHAMBRA, CA 91801. This Business is conducted by: AN INDIVIDUAL. Signed: CAROL A. CHAN. This statement was filed with the County Clerk of Los Angeles County on 04/12/2017. The registrant(s) has (have) commenced to transact business under the fictitious business name or names listed above on N/A. NOTICE- This Fictitious Name Statement expires five years from the date it was filed in the office of the County Clerk. A new Fictitious Business Name Statement must be filed prior to that date. The filing of this statement does not of itself authorize the use in this state of a Fictitious Business Name in violation of the rights of another under Federal, State, or common law (See section 14411 et. seq. Business and Professions Code).
Publish: Mountain Views News
Dates Pub: April 15, 22, 29, May 06, 2017
FICTITIOUS BUSINESS NAME STATEMENT File No. 2017-0 The following person(s) is (are) doing business as: WATER & MORE, 1051 S. GARFIELD AVE., ALHAMBRA, CA 91801. Full name of registrant(s) is (are) CAROL A. CHAN, 1051 S. GARFIELD AVE., ALHAMBRA, CA 91801. This Business is conducted by: AN INDIVIDUAL. Signed: CAROL A. CHAN. This statement was filed with the County Clerk of Los Angeles County on 04/12/2017. The registrant(s) has (have) commenced to transact business under the fictitious business name or names listed above on N/A. NOTICE- This Fictitious Name Statement expires five years from the date it was filed in the office of the County Clerk. A new Fictitious Business Name Statement must be filed prior to that date. The filing of this statement does not of itself authorize the use in this state of a Fictitious Business Name in violation of the rights of another under Federal, State, or common law (See section 14411 et. seq. Business and Professions Code).
Publish: Mountain Views News
Dates Pub: April 15, 22, 29, May 06, 2017
FICTITIOUS BUSINESS NAME STATEMENT File No. 2017-0 The following person(s) is (are) doing business as: WATER & MORE, 1051 S. GARFIELD AVE., ALHAMBRA, CA 91801. Full name of registrant(s) is (are) CAROL A. CHAN, 1051 S. GARFIELD AVE., ALHAMBRA, CA 91801. This Business is conducted by: AN INDIVIDUAL. Signed: CAROL A. CHAN. This statement was filed with the County Clerk of Los Angeles County on 04/12/2017. The registrant(s) has (have) commenced to transact business under the fictitious business name or names listed above on N/A. NOTICE- This Fictitious Name Statement expires five years from the date it was filed in the office of the County Clerk. A new Fictitious Business Name Statement must be filed prior to that date. The filing of this statement does not of itself authorize the use in this state of a Fictitious Business Name in violation of the rights of another under Federal, State, or common law (See section 14411 et. seq. Business and Professions Code).
Publish: Mountain Views News
Dates Pub: April 15, 22, 29, May 06, 2017
FICTITIOUS BUSINESS NAME STATEMENT File No. 2017-0 The following person(s) is (are) doing business as: WATER & MORE, 1051 S. GARFIELD AVE., ALHAMBRA, CA 91801. Full name of registrant(s) is (are) CAROL A. CHAN, 1051 S. GARFIELD AVE., ALHAMBRA, CA 91801. This Business is conducted by: AN INDIVIDUAL. Signed: CAROL A. CHAN. This statement was filed with the County Clerk of Los Angeles County on 04/12/2017. The registrant(s) has (have) commenced to transact business under the fictitious business name or names listed above on N/A. NOTICE- This Fictitious Name Statement expires five years from the date it was filed in the office of the County Clerk. A new Fictitious Business Name Statement must be filed prior to that date. The filing of this statement does not of itself authorize the use in this state of a Fictitious Business Name in violation of the rights of another under Federal, State, or common law (See section 14411 et. seq. Business and Professions Code).
Publish: Mountain Views News
Dates Pub: April 15, 22, 29, May 06, 2017
FICTITIOUS BUSINESS NAME STATEMENT File No. 2017-0 The following person(s) is (are) doing business as: WATER & MORE, 1051 S. GARFIELD AVE., ALHAMBRA, CA 91801. Full name of registrant(s) is (are) CAROL A. CHAN, 1051 S. GARFIELD AVE., ALHAMBRA, CA 91801. This Business is conducted by: AN INDIVIDUAL. Signed: CAROL A. CHAN. This statement was filed with the County Clerk of Los Angeles County on 04/12/2017. The registrant(s) has (have) commenced to transact business under the fictitious business name or names listed above on N/A. NOTICE- This Fictitious Name Statement expires five years from the date it was filed in the office of the County Clerk. A new Fictitious Business Name Statement must be filed prior to that date. The filing of this statement does not of itself authorize the use in this state of a Fictitious Business Name in violation of the rights of another under Federal, State, or common law (See section 14411 et. seq. Business and Professions Code).
Publish: Mountain Views News
Dates Pub: April 15, 22, 29, May 06, 2017
FICTITIOUS BUSINESS NAME STATEMENT File No. 2017-0 The following person(s) is (are) doing business as: WATER & MORE, 1051 S. GARFIELD AVE., ALHAMBRA, CA 91801. Full name of registrant(s) is (are) CAROL A. CHAN, 1051 S. GARFIELD AVE., ALHAMBRA, CA 91801. This Business is conducted by: AN INDIVIDUAL. Signed: CAROL A. CHAN. This statement was filed with the County Clerk of Los Angeles County on 04/12/2017. The registrant(s) has (have) commenced to transact business under the fictitious business name or names listed above on N/A. NOTICE- This Fictitious Name Statement expires five years from the date it was filed in the office of the County Clerk. A new Fictitious Business Name Statement must be filed prior to that date. The filing of this statement does not of itself authorize the use in this state of a Fictitious Business Name in violation of the rights of another under Federal, State, or common law (See section 14411 et. seq. Business and Professions Code).
Publish: Mountain Views News
Dates Pub: April 15, 22, 29, May 06, 2017
FICTITIOUS BUSINESS NAME STATEMENT File No. 2017-0 The following person(s) is (are) doing business as: WATER & MORE, 1051 S. GARFIELD AVE., ALHAMBRA, CA 91801. Full name of registrant(s) is (are) CAROL A. CHAN, 1051 S. GARFIELD AVE., ALHAMBRA, CA 91801. This Business is conducted by: AN INDIVIDUAL. Signed: CAROL A. CHAN. This statement was filed with the County Clerk of Los Angeles County on 04/12/2017. The registrant(s) has (have) commenced to transact business under the fictitious business name or names listed above on N/A. NOTICE- This Fictitious Name Statement expires five years from the date it was filed in the office of the County Clerk. A new Fictitious Business Name Statement must be filed prior to that date. The filing of this statement does not of itself authorize the use in this state of a Fictitious Business Name in violation of the rights of another under Federal, State, or common law (See section 14411 et. seq. Business and Professions Code).
Publish: Mountain Views News
Dates Pub: April 15, 22, 29, May 06, 2017
FICTITIOUS BUSINESS NAME STATEMENT File No. 2017-0 The following person(s) is (are) doing business as: WATER & MORE, 1051 S. GARFIELD AVE., ALHAMBRA, CA 91801. Full name of registrant(s) is (are) CAROL A. CHAN, 1051 S. GARFIELD AVE., ALHAMBRA, CA 91801. This Business is conducted by: AN INDIVIDUAL. Signed: CAROL A. CHAN. This statement was filed with the County Clerk of Los Angeles County on 04/12/2017. The registrant(s) has (have) commenced to transact business under the fictitious business name or names listed above on N/A. NOTICE- This Fictitious Name Statement expires five years from the date it was filed in the office of the County Clerk. A new Fictitious Business Name Statement must be filed prior to that date. The filing of this statement does not of itself authorize the use in this state of a Fictitious Business Name in violation of the rights of another under Federal, State, or common law (See section 14411 et. seq. Business and Professions Code).
Publish: Mountain Views News
Dates Pub: April 15, 22, 29, May 06, 2017
FICTITIOUS BUSINESS NAME STATEMENT File No. 2017-0 The following person(s) is (are) doing business as: WATER & MORE, 1051 S. GARFIELD AVE., ALHAMBRA, CA 91801. Full name of registrant(s) is (are) CAROL A. CHAN, 1051 S. GARFIELD AVE., ALHAMBRA, CA 91801. This Business is conducted by: AN INDIVIDUAL. Signed: CAROL A. CHAN. This statement was filed with the County Clerk of Los Angeles County on 04/12/2017. The registrant(s) has (have) commenced to transact business under the fictitious business name or names listed above on N/A. NOTICE- This Fictitious Name Statement expires five years from the date it was filed in the office of the County Clerk. A new Fictitious Business Name Statement must be filed prior to that date. The filing of this statement does not of itself authorize the use in this state of a Fictitious Business Name in violation of the rights of another under Federal, State, or common law (See section 14411 et. seq. Business and Professions Code).
Publish: Mountain Views News
Dates Pub: April 15, 22, 29, May 06, 2017
FICTITIOUS BUSINESS NAME STATEMENT File No. 2017-0 The following person(s) is (are) doing business as: WATER & MORE, 1051 S. GARFIELD AVE., ALHAMBRA, CA 91801. Full name of registrant(s) is (are) CAROL A. CHAN, 1051 S. GARFIELD AVE., ALHAMBRA, CA 91801. This Business is conducted by: AN INDIVIDUAL. Signed: CAROL A. CHAN. This statement was filed with the County Clerk of Los Angeles County on 04/12/2017. The registrant(s) has (have) commenced to transact business under the fictitious business name or names listed above on N/A. NOTICE- This Fictitious Name Statement expires five years from the date it was filed in the office of the County Clerk. A new Fictitious Business Name Statement must be filed prior to that date. The filing of this statement does not of itself authorize the use in this state of a Fictitious Business Name in violation of the rights of another under Federal, State, or common law (See section 14411 et. seq. Business and Professions Code).
Publish: Mountain Views News
Dates Pub: April 15, 22, 29, May 06, 2017
FICTITIOUS BUSINESS NAME STATEMENT File No. 2017-0 The following person(s) is (are) doing business as: WATER & MORE, 1051 S. GARFIELD AVE., ALHAMBRA, CA 91801. Full name of registrant(s) is (are) CAROL A. CHAN, 1051 S. GARFIELD AVE., ALHAMBRA, CA 91801. This Business is conducted by: AN INDIVIDUAL. Signed: CAROL A. CHAN. This statement was filed with the County Clerk of Los Angeles County on 04/12/2017. The registrant(s) has (have) commenced to transact business under the fictitious business name or names listed above on N/A. NOTICE- This Fictitious Name Statement expires five years from the date it was filed in the office of the County Clerk. A new Fictitious Business Name Statement must be filed prior to that date. The filing of this statement does not of itself authorize the use in this state of a Fictitious Business Name in violation of the rights of another under Federal, State, or common law (See section 14411 et. seq. Business and Professions Code).
Publish: Mountain Views News
Dates Pub: April 15, 22, 29, May 06, 2017
FICTITIOUS BUSINESS NAME STATEMENT File No. 2017-0 The following person(s) is (are) doing business as: WATER & MORE, 1051 S. GARFIELD AVE., ALHAMBRA, CA 91801. Full name of registrant(s) is (are) CAROL A. CHAN, 1051 S. GARFIELD AVE., ALHAMBRA, CA 91801. This Business is conducted by: AN INDIVIDUAL. Signed: CAROL A. CHAN. This statement was filed with the County Clerk of Los Angeles County on 04/12/2017. The registrant(s) has (have) commenced to transact business under the fictitious business name or names listed above on N/A. NOTICE- This Fictitious Name Statement expires five years from the date it was filed in the office of the County Clerk. A new Fictitious Business Name Statement must be filed prior to that date. The filing of this statement does not of itself authorize the use in this state of a Fictitious Business Name in violation of the rights of another under Federal, State, or common law (See section 14411 et. seq. Business and Professions Code).
Publish: Mountain Views News
Dates Pub: April 15, 22, 29, May 06, 2017
FICTITIOUS BUSINESS NAME STATEMENT File No. 2017-0 The following person(s) is (are) doing business as: WATER & MORE, 1051 S. GARFIELD AVE., ALHAMBRA, CA 91801. Full name of registrant(s) is (are) CAROL A. CHAN, 1051 S. GARFIELD AVE., ALHAMBRA, CA 91801. This Business is conducted by: AN INDIVIDUAL. Signed: CAROL A. CHAN. This statement was filed with the County Clerk of Los Angeles County on 04/12/2017. The registrant(s) has (have) commenced to transact business under the fictitious business name or names listed above on N/A. NOTICE- This Fictitious Name Statement expires five years from the date it was filed in the office of the County Clerk. A new Fictitious Business Name Statement must be filed prior to that date. The filing of this statement does not of itself authorize the use in this state of a Fictitious Business Name in violation of the rights of another under Federal, State, or common law (See section 14411 et. seq. Business and Professions Code).
Publish: Mountain Views News
Dates Pub: April 15, 22, 29, May 06, 2017
FICTITIOUS BUSINESS NAME STATEMENT File No. 2017-0 The following person(s) is (are) doing business as: WATER & MORE, 1051 S. GARFIELD AVE., ALHAMBRA, CA 91801. Full name of registrant(s) is (are) CAROL A. CHAN, 1051 S. GARFIELD AVE., ALHAMBRA, CA 91801. This Business is conducted by: AN INDIVIDUAL. Signed: CAROL A. CHAN. This statement was filed with the County Clerk of Los Angeles County on 04/12/2017. The registrant(s) has (have) commenced to transact business under the fictitious business name or names listed above on N/A. NOTICE- This Fictitious Name Statement expires five years from the date it was filed in the office of the County Clerk. A new Fictitious Business Name Statement must be filed prior to that date. The filing of this statement does not of itself authorize the use in this state of a Fictitious Business Name in violation of the rights of another under Federal, State, or common law (See section 14411 et. seq. Business and Professions Code).
Publish: Mountain Views News
Dates Pub: April 15, 22, 29, May 06, 2017
FICTITIOUS BUSINESS NAME STATEMENT File No. 2017-0 The following person(s) is (are) doing business as: WATER & MORE, 1051 S. GARFIELD AVE., ALHAMBRA, CA 91801. Full name of registrant(s) is (are) CAROL A. CHAN, 1051 S. GARFIELD AVE., ALHAMBRA, CA 91801. This Business is conducted by: AN INDIVIDUAL. Signed: CAROL A. CHAN. This statement was filed with the County Clerk of Los Angeles County on 04/12/2017. The registrant(s) has (have) commenced to transact business under the fictitious business name or names listed above on N/A. NOTICE- This Fictitious Name Statement expires five years from the date it was filed in the office of the County Clerk. A new Fictitious Business Name Statement must be filed prior to that date. The filing of this statement does not of itself authorize the use in this state of a Fictitious Business Name in violation of the rights of another under Federal, State, or common law (See section 14411 et. seq. Business and Professions Code).
Publish: Mountain Views News
Dates Pub: April 15, 22, 29, May 06, 2017
Mountain Views News 80 W Sierra Madre Blvd. No. 327 Sierra Madre, Ca. 91024 Office: 626.355.2737 Fax: 626.609.3285 Email: editor@mtnviewsnews.com Website: www.mtnviewsnews.com
